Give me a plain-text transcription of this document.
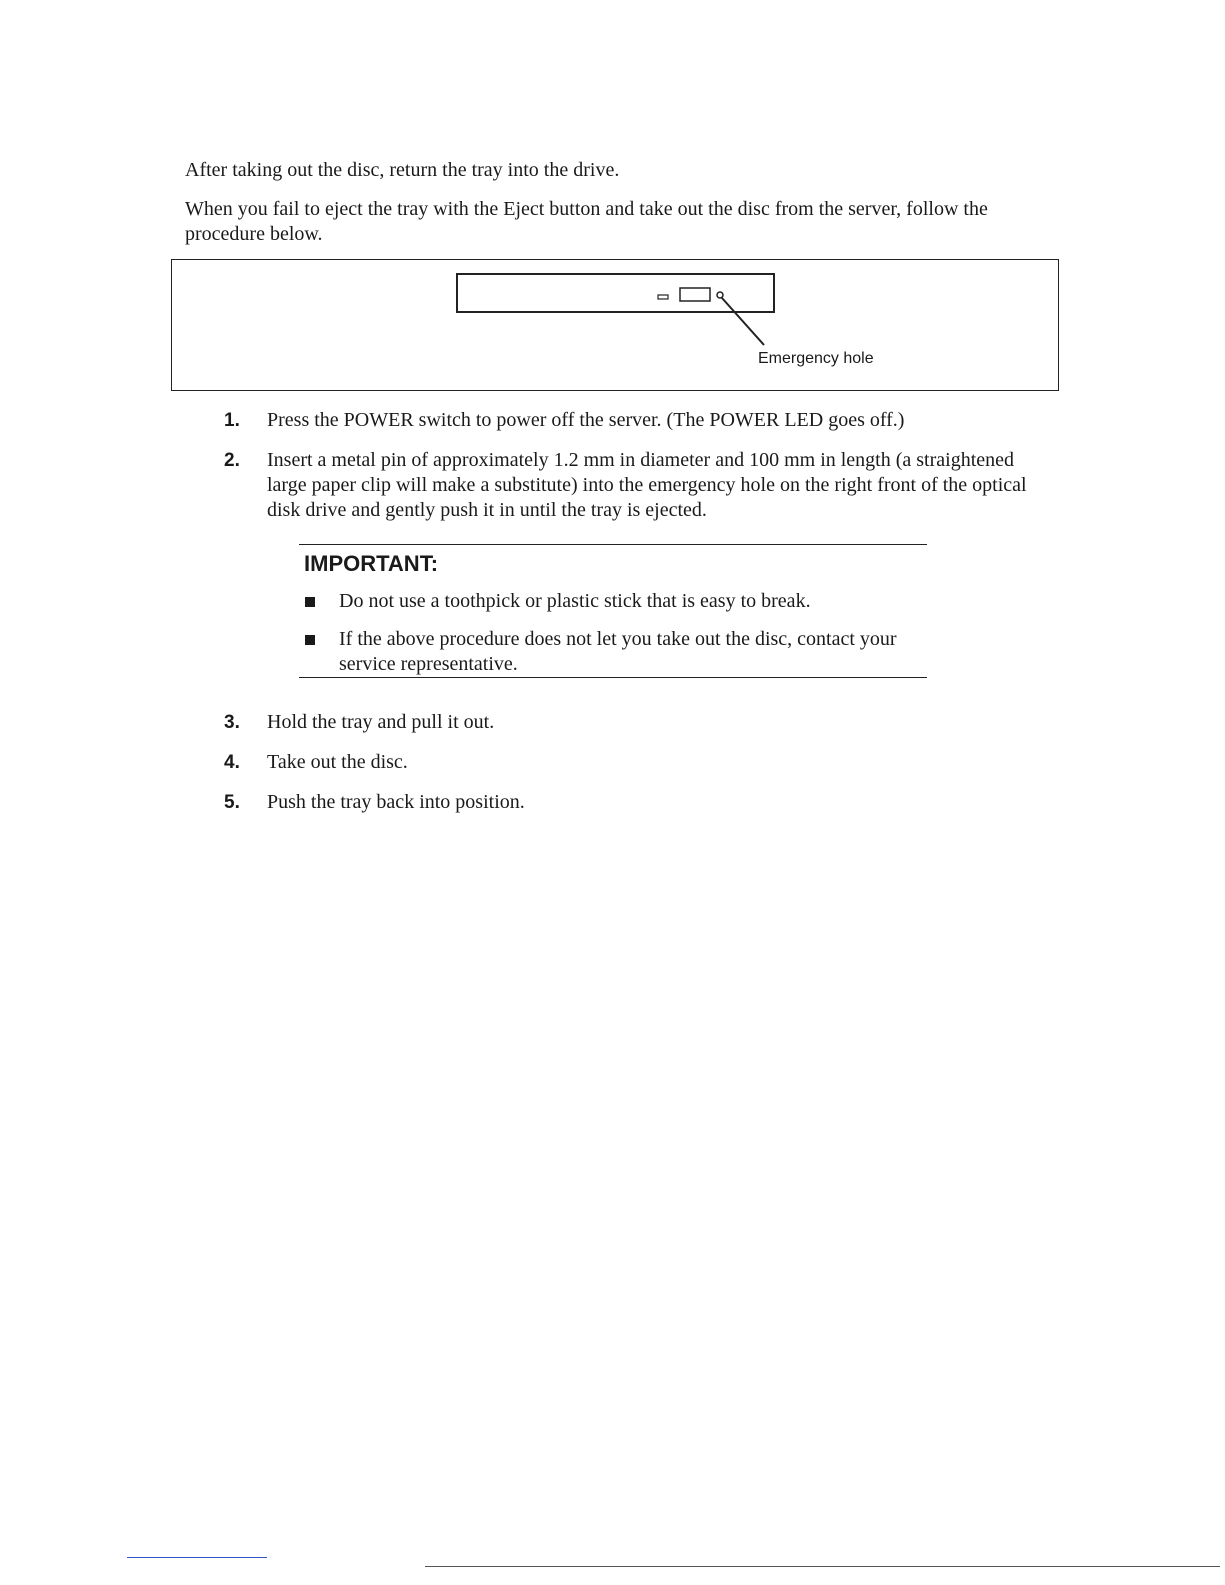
After taking out the disc, return the tray into the drive.
When you fail to eject the tray with the Eject button and take out the disc from the server, follow the procedure below.
Emergency hole
1. Press the POWER switch to power off the server. (The POWER LED goes off.)
2. Insert a metal pin of approximately 1.2 mm in diameter and 100 mm in length (a straightened large paper clip will make a substitute) into the emergency hole on the right front of the optical disk drive and gently push it in until the tray is ejected.
IMPORTANT:
Do not use a toothpick or plastic stick that is easy to break.
If the above procedure does not let you take out the disc, contact your service representative.
3. Hold the tray and pull it out.
4. Take out the disc.
5. Push the tray back into position.
